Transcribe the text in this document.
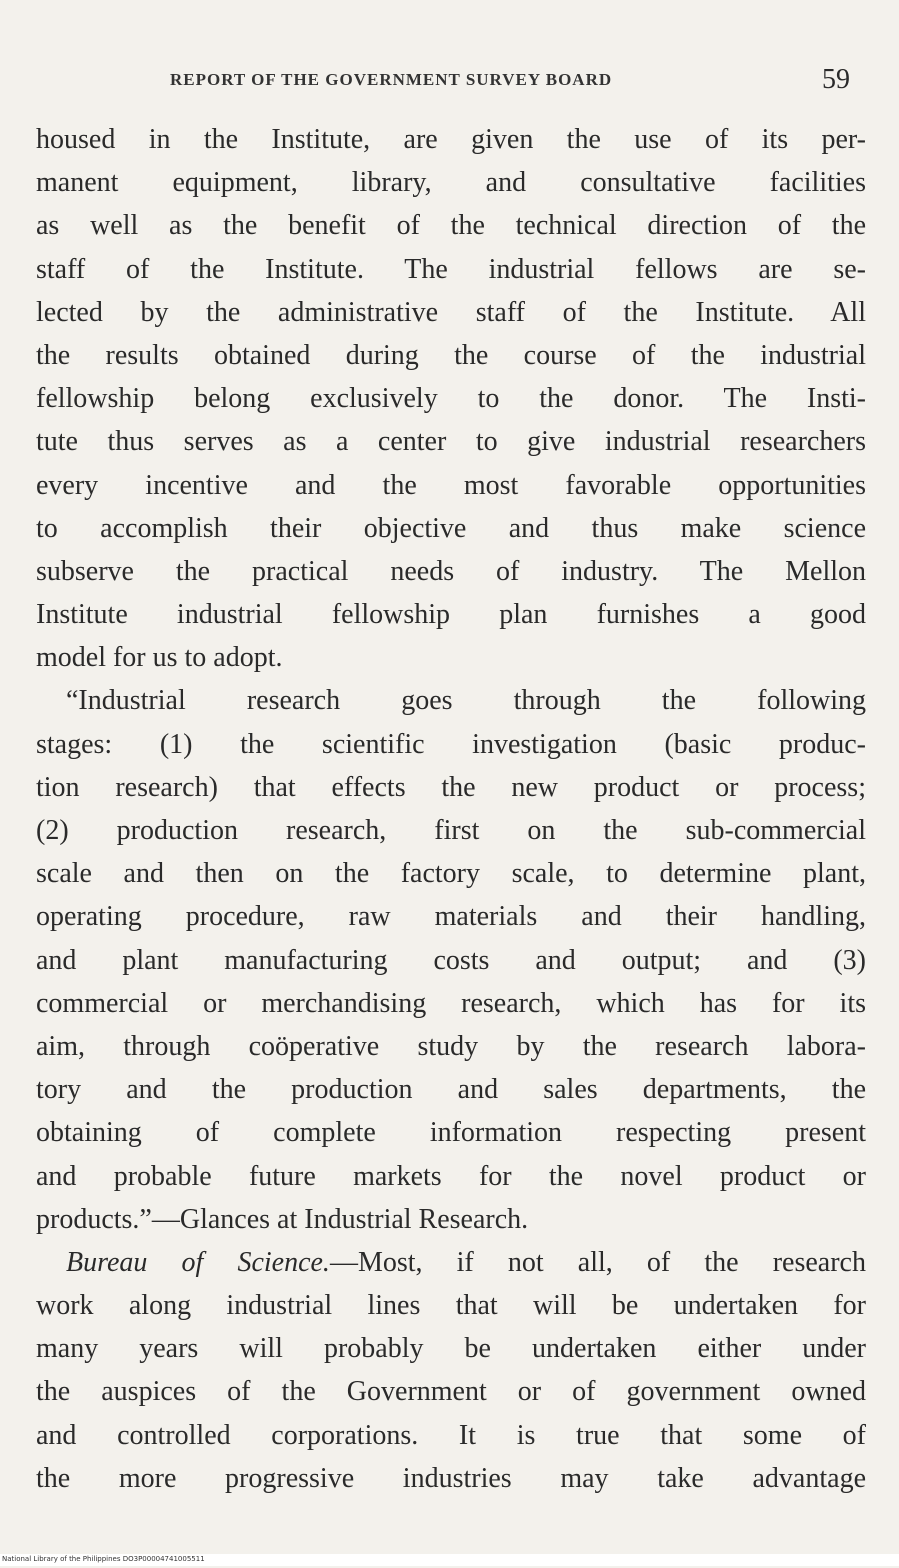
REPORT OF THE GOVERNMENT SURVEY BOARD	59
housed in the Institute, are given the use of its per-
manent equipment, library, and consultative facilities
as well as the benefit of the technical direction of the
staff of the Institute. The industrial fellows are se-
lected by the administrative staff of the Institute. All
the results obtained during the course of the industrial
fellowship belong exclusively to the donor. The Insti-
tute thus serves as a center to give industrial researchers
every incentive and the most favorable opportunities
to accomplish their objective and thus make science
subserve the practical needs of industry. The Mellon
Institute industrial fellowship plan furnishes a good
model for us to adopt.
“Industrial research goes through the following
stages: (1) the scientific investigation (basic produc-
tion research) that effects the new product or process;
(2) production research, first on the sub-commercial
scale and then on the factory scale, to determine plant,
operating procedure, raw materials and their handling,
and plant manufacturing costs and output; and (3)
commercial or merchandising research, which has for its
aim, through coöperative study by the research labora-
tory and the production and sales departments, the
obtaining of complete information respecting present
and probable future markets for the novel product or
products.”—Glances at Industrial Research.
Bureau of Science.—Most, if not all, of the research
work along industrial lines that will be undertaken for
many years will probably be undertaken either under
the auspices of the Government or of government owned
and controlled corporations. It is true that some of
the more progressive industries may take advantage
National Library of the Philippines DO3P00004741005511
